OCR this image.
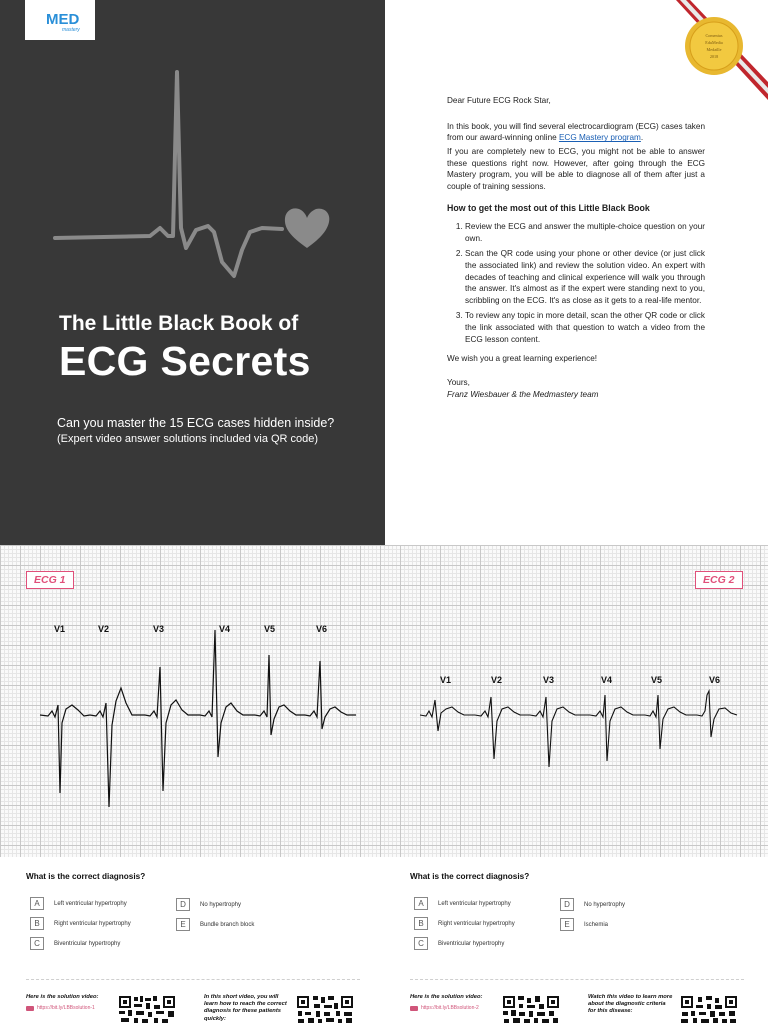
MED
mastery
The Little Black Book of
ECG Secrets
Can you master the 15 ECG cases hidden inside?
(Expert video answer solutions included via QR code)
Comenius
EduMedia
Medaille
2018

Dear Future ECG Rock Star,

In this book, you will find several electrocardiogram (ECG) cases taken from our award-winning online ECG Mastery program.

If you are completely new to ECG, you might not be able to answer these questions right now. However, after going through the ECG Mastery program, you will be able to diagnose all of them after just a couple of training sessions.

How to get the most out of this Little Black Book
1. Review the ECG and answer the multiple-choice question on your own.
2. Scan the QR code using your phone or other device (or just click the associated link) and review the solution video. An expert with decades of teaching and clinical experience will walk you through the answer. It's almost as if the expert were standing next to you, scribbling on the ECG. It's as close as it gets to a real-life mentor.
3. To review any topic in more detail, scan the other QR code or click the link associated with that question to watch a video from the ECG lesson content.

We wish you a great learning experience!

Yours,

Franz Wiesbauer & the Medmastery team

ECG 1	ECG 2
V1	V2	V3	V4	V5	V6
V1	V2	V3	V4	V5	V6
What is the correct diagnosis?
A	Left ventricular hypertrophy
B	Right ventricular hypertrophy
C	Biventricular hypertrophy
D	No hypertrophy
E	Bundle branch block
Here is the solution video:
https://bit.ly/LBBsolution-1
In this short video, you will learn how to reach the correct diagnosis for these patients quickly:
What is the correct diagnosis?
A	Left ventricular hypertrophy
B	Right ventricular hypertrophy
C	Biventricular hypertrophy
D	No hypertrophy
E	Ischemia
Here is the solution video:
https://bit.ly/LBBsolution-2
Watch this video to learn more about the diagnostic criteria for this disease:
